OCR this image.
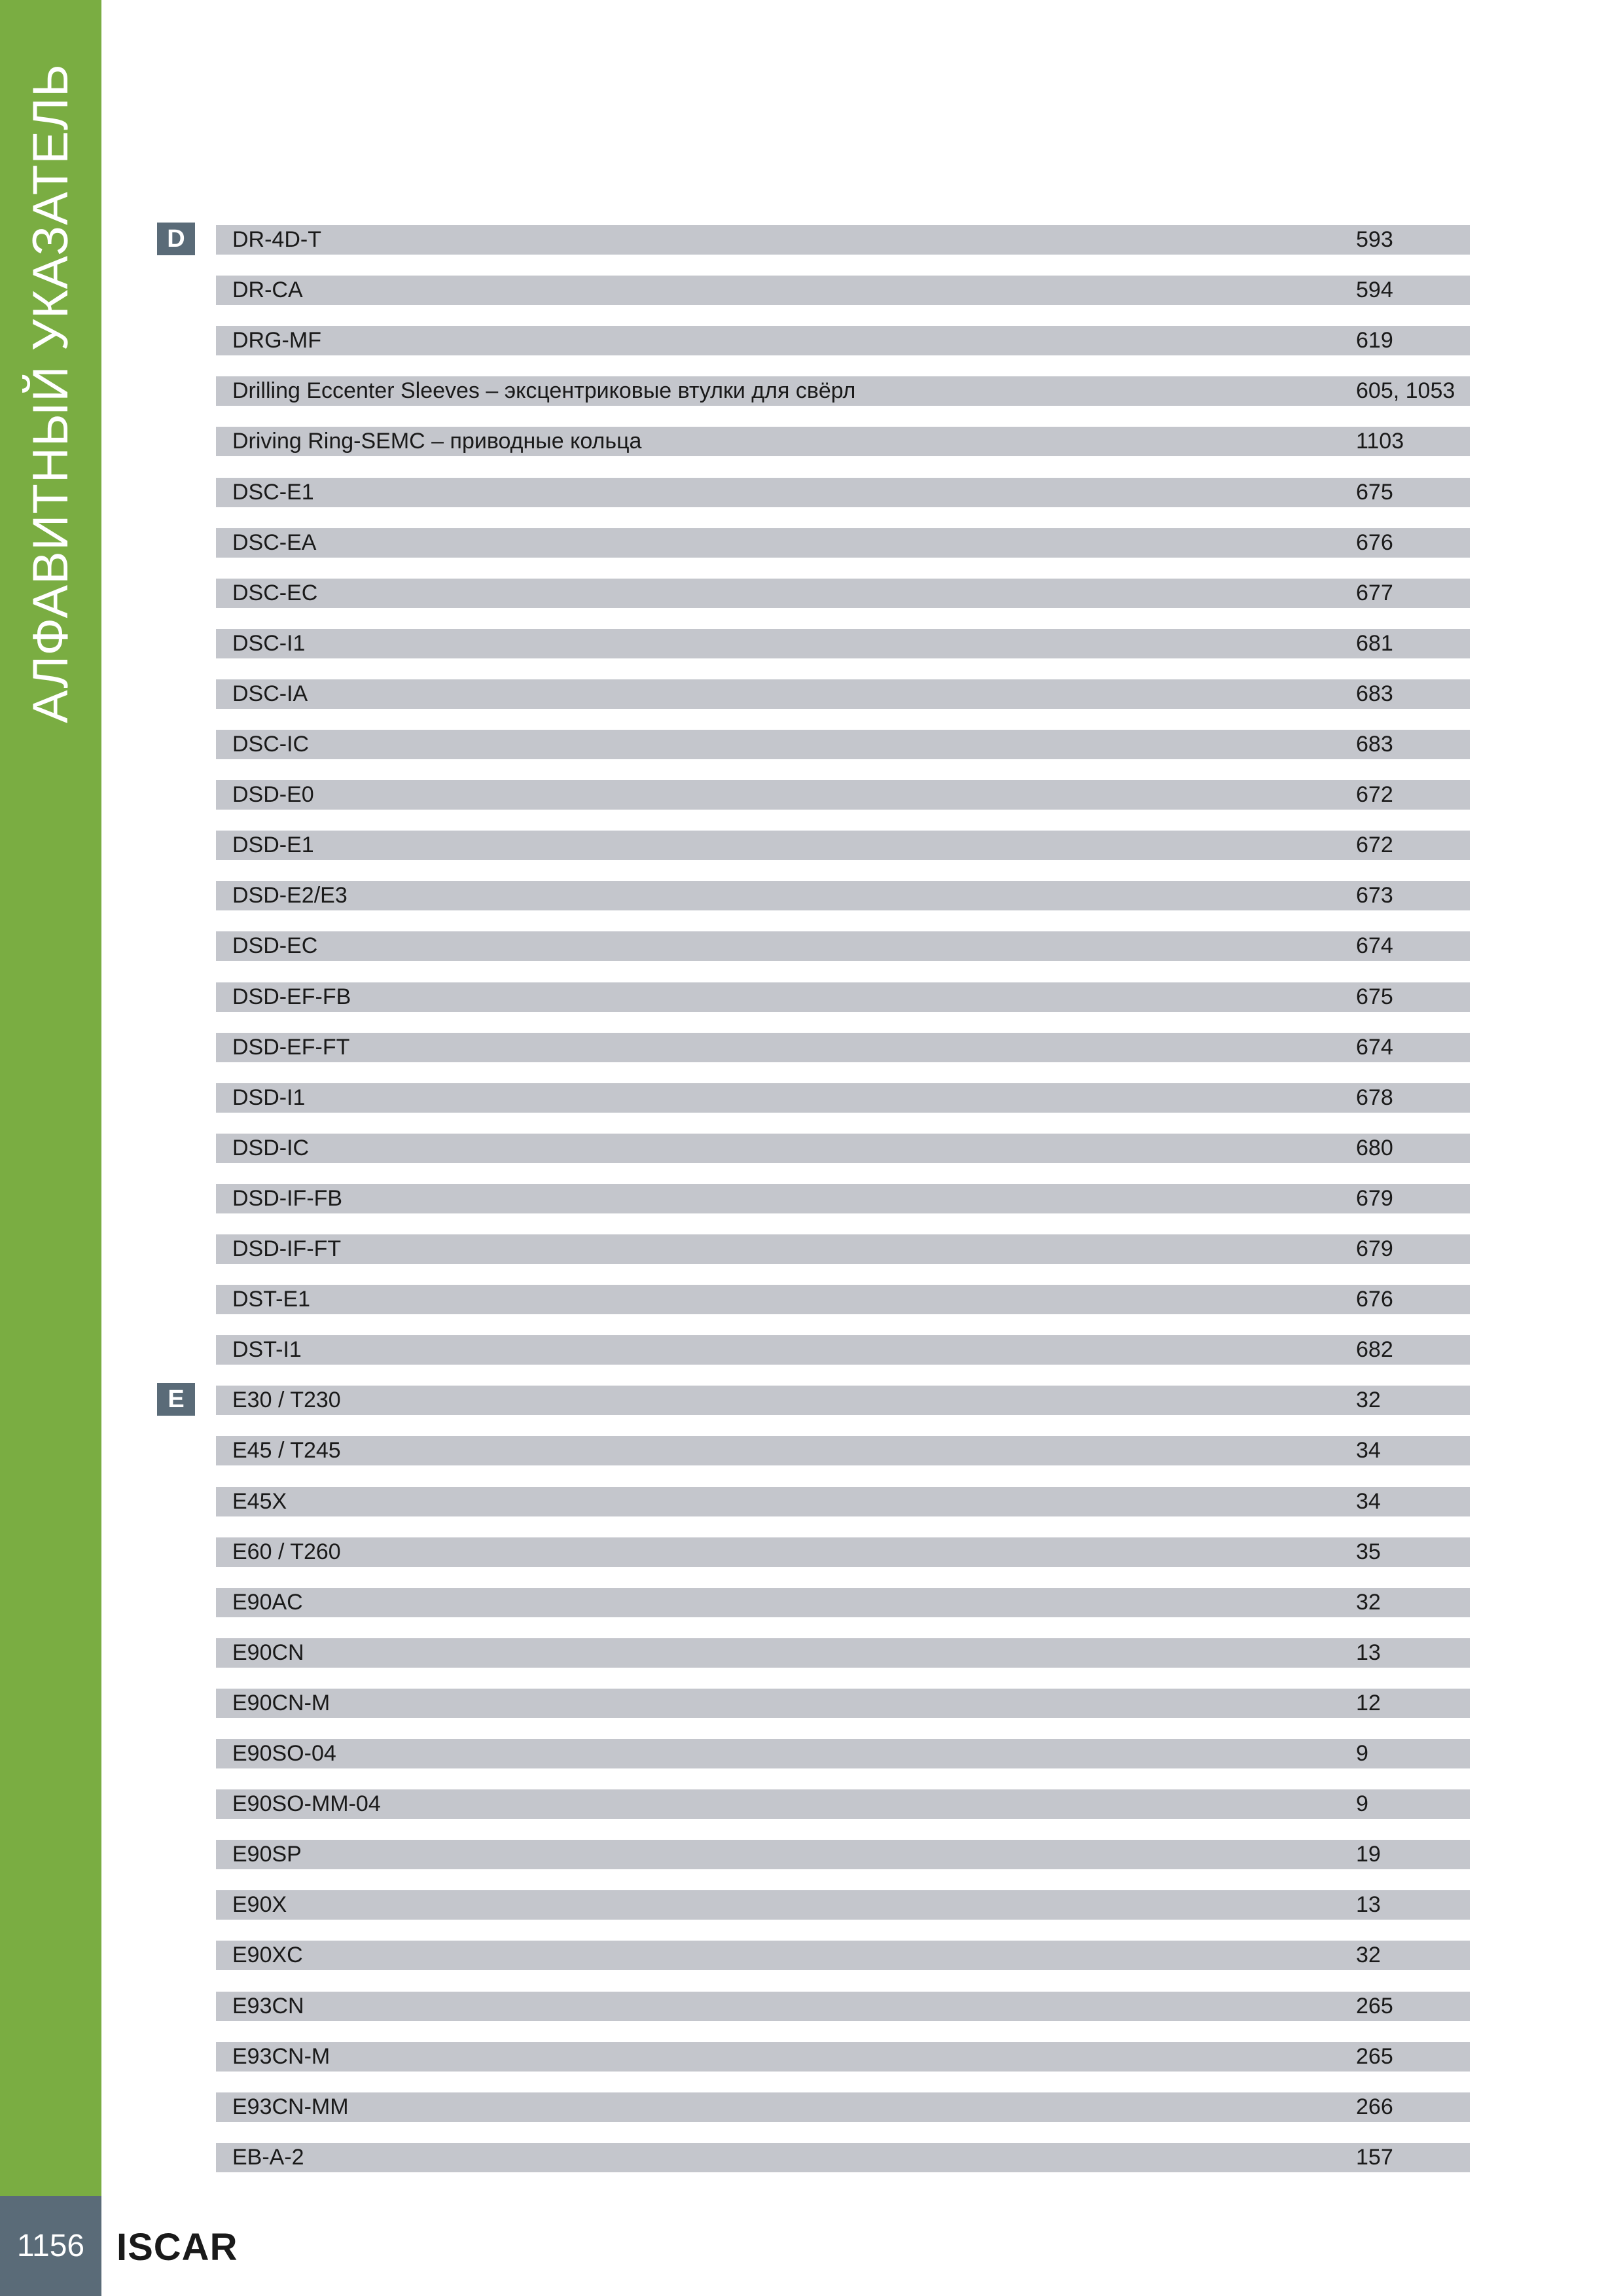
АЛФАВИТНЫЙ УКАЗАТЕЛЬ
1156 ISCAR
D
E
DR-4D-T	593
DR-CA	594
DRG-MF	619
Drilling Eccenter Sleeves – эксцентриковые втулки для свёрл	605, 1053
Driving Ring-SEMC – приводные кольца	1103
DSC-E1	675
DSC-EA	676
DSC-EC	677
DSC-I1	681
DSC-IA	683
DSC-IC	683
DSD-E0	672
DSD-E1	672
DSD-E2/E3	673
DSD-EC	674
DSD-EF-FB	675
DSD-EF-FT	674
DSD-I1	678
DSD-IC	680
DSD-IF-FB	679
DSD-IF-FT	679
DST-E1	676
DST-I1	682
E30 / T230	32
E45 / T245	34
E45X	34
E60 / T260	35
E90AC	32
E90CN	13
E90CN-M	12
E90SO-04	9
E90SO-MM-04	9
E90SP	19
E90X	13
E90XC	32
E93CN	265
E93CN-M	265
E93CN-MM	266
EB-A-2	157
